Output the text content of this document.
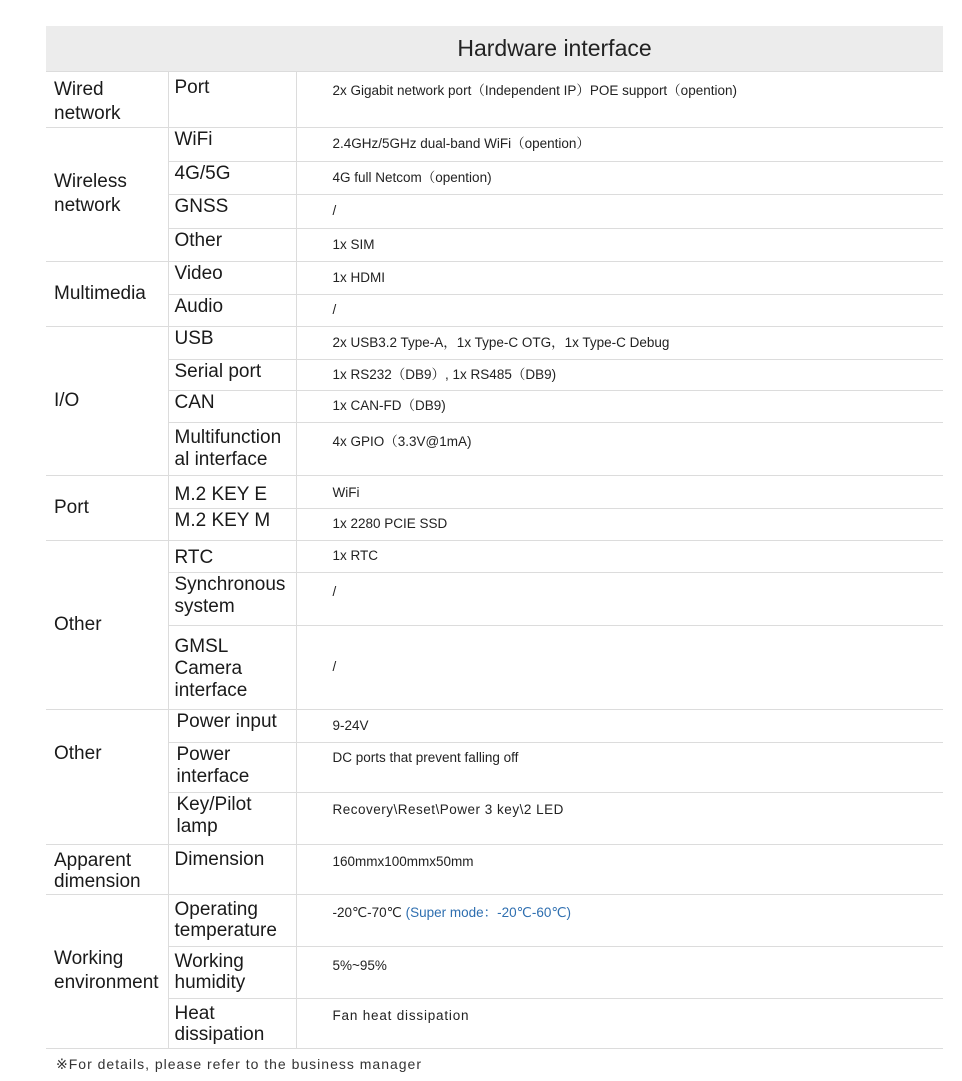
Hardware interface		
Wired network	Port	2x Gigabit network port（Independent IP）POE support（opention)
Wireless network	WiFi	2.4GHz/5GHz dual-band WiFi（opention）
	4G/5G	4G full Netcom（opention)
	GNSS	/
	Other	1x SIM
Multimedia	Video	1x HDMI
	Audio	/
I/O	USB	2x USB3.2 Type-A，1x Type-C OTG，1x Type-C Debug
	Serial port	1x RS232（DB9）, 1x RS485（DB9)
	CAN	1x CAN-FD（DB9)
	Multifunctional interface	4x GPIO（3.3V@1mA)
Port	M.2 KEY E	WiFi
	M.2 KEY M	1x 2280 PCIE SSD
Other	RTC	1x RTC
	Synchronous system	/
	GMSL Camera interface	/
Other	Power input	9-24V
	Power interface	DC ports that prevent falling off
	Key/Pilot lamp	Recovery\Reset\Power 3 key\2 LED
Apparent dimension	Dimension	160mmx100mmx50mm
Working environment	Operating temperature	-20℃-70℃ (Super mode：-20℃-60℃)
	Working humidity	5%~95%
	Heat dissipation	Fan heat dissipation
※For details, please refer to the business manager
